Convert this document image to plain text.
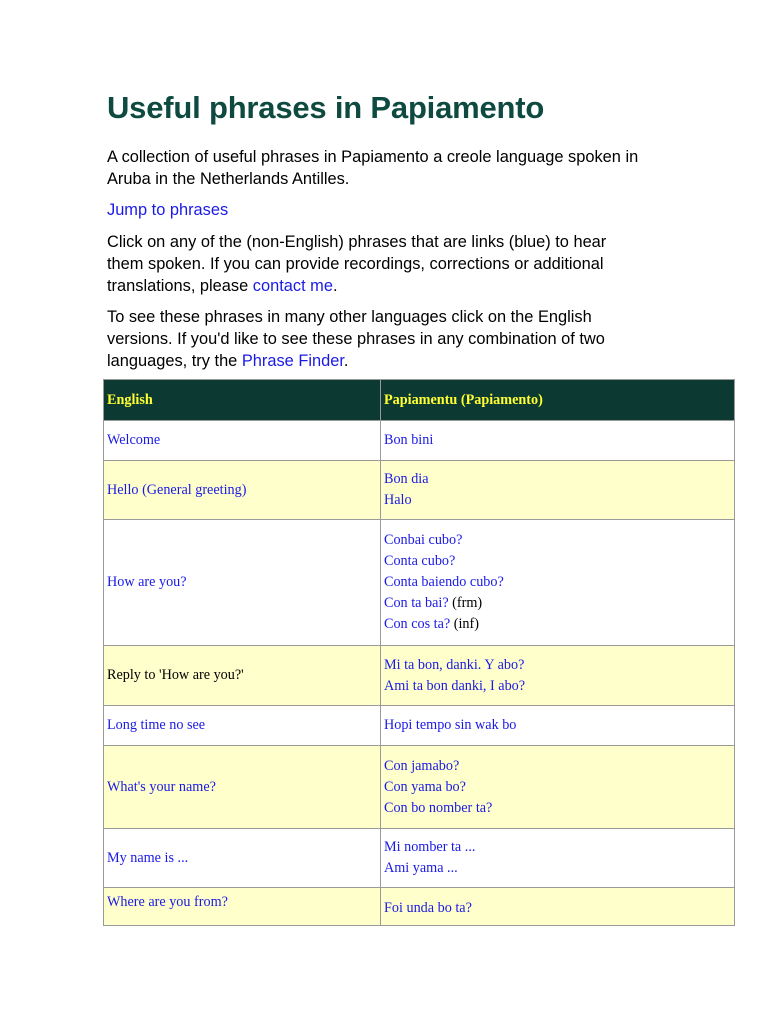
Useful phrases in Papiamento

A collection of useful phrases in Papiamento a creole language spoken in
Aruba in the Netherlands Antilles.

Jump to phrases

Click on any of the (non-English) phrases that are links (blue) to hear
them spoken. If you can provide recordings, corrections or additional
translations, please contact me.

To see these phrases in many other languages click on the English
versions. If you'd like to see these phrases in any combination of two
languages, try the Phrase Finder.

English	Papiamentu (Papiamento)
Welcome	Bon bini

Hello (General greeting)	Bon dia
Halo

How are you?	Conbai cubo?
Conta cubo?
Conta baiendo cubo?
Con ta bai? (frm)
Con cos ta? (inf)

Reply to 'How are you?'	Mi ta bon, danki. Y abo?
Ami ta bon danki, I abo?

Long time no see	Hopi tempo sin wak bo

What's your name?	Con jamabo?
Con yama bo?
Con bo nomber ta?

My name is ...	Mi nomber ta ...
Ami yama ...

Where are you from?	Foi unda bo ta?
